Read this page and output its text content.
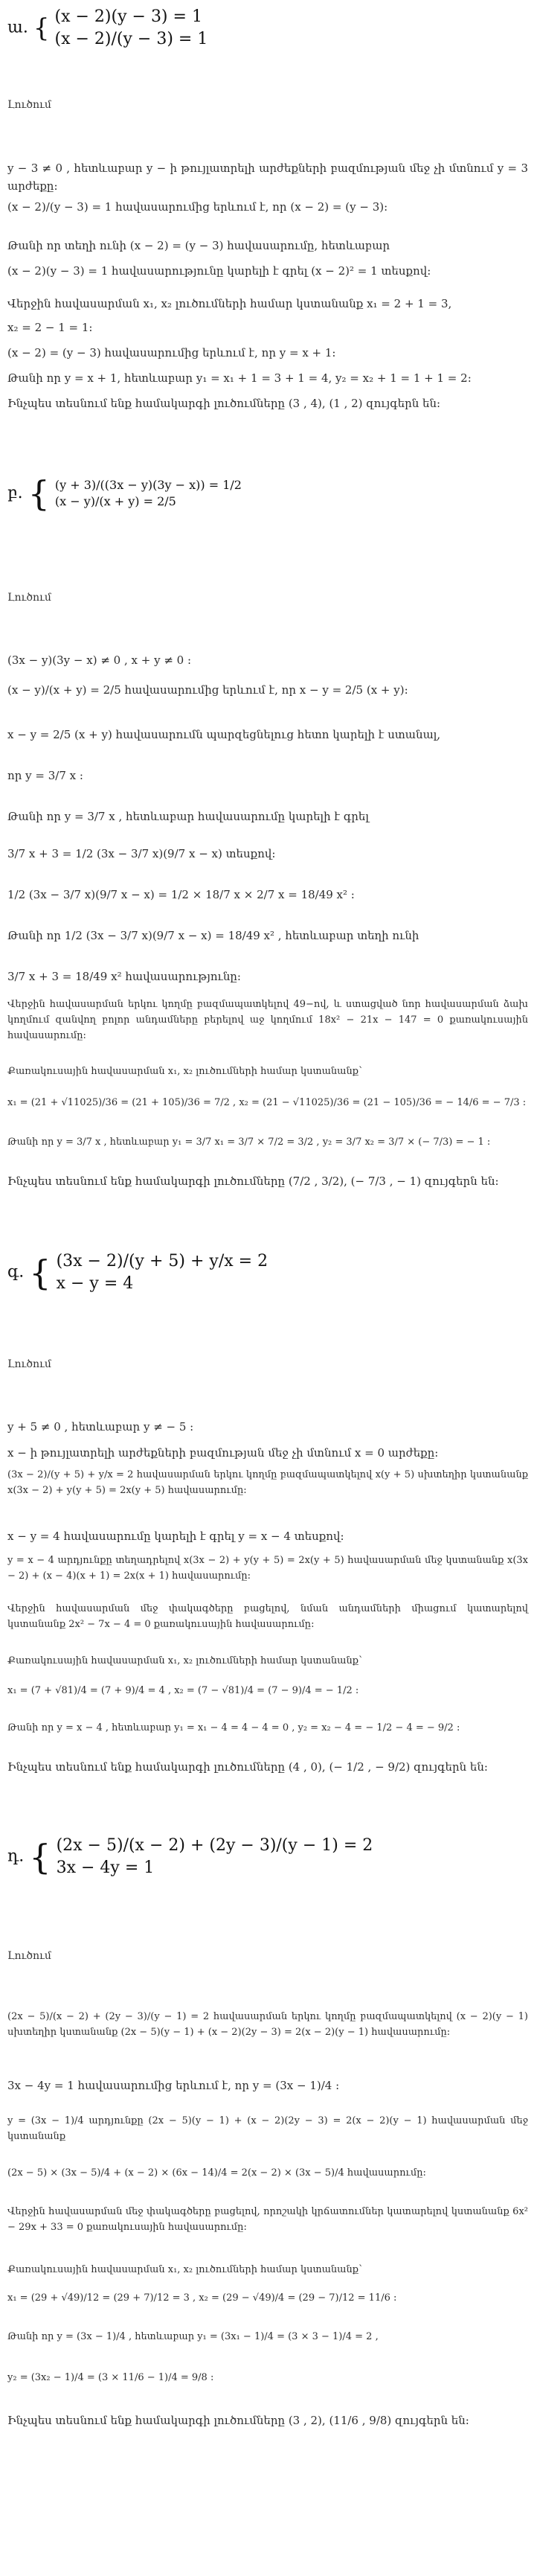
ա. { (x − 2)(y − 3) = 1
(x − 2)/(y − 3) = 1
Լուծում
y − 3 ≠ 0 , հետևաբար y − ի թույլատրելի արժեքների բազմության մեջ չի մտնում y = 3 արժեքը:
(x − 2)/(y − 3) = 1 հավասարումից երևում է, որ (x − 2) = (y − 3):
Թանի որ տեղի ունի (x − 2) = (y − 3) հավասարումը, հետևաբար
(x − 2)(y − 3) = 1 հավասարությունը կարելի է գրել (x − 2)² = 1 տեսքով:
Վերջին հավասարման x₁, x₂ լուծումների համար կստանանք x₁ = 2 + 1 = 3,
x₂ = 2 − 1 = 1:
(x − 2) = (y − 3) հավասարումից երևում է, որ y = x + 1:
Թանի որ y = x + 1, հետևաբար y₁ = x₁ + 1 = 3 + 1 = 4, y₂ = x₂ + 1 = 1 + 1 = 2:
Ինչպես տեսնում ենք համակարգի լուծումները (3 , 4), (1 , 2) զույգերն են:
բ. { (y + 3)/((3x − y)(3y − x)) = 1/2
(x − y)/(x + y) = 2/5
Լուծում
(3x − y)(3y − x) ≠ 0 , x + y ≠ 0 :
(x − y)/(x + y) = 2/5 հավասարումից երևում է, որ x − y = 2/5 (x + y):
x − y = 2/5 (x + y) հավասարումն պարզեցնելուց հետո կարելի է ստանալ,
որ y = 3/7 x :
Թանի որ y = 3/7 x , հետևաբար հավասարումը կարելի է գրել
3/7 x + 3 = 1/2 (3x − 3/7 x)(9/7 x − x) տեսքով:
1/2 (3x − 3/7 x)(9/7 x − x) = 1/2 × 18/7 x × 2/7 x = 18/49 x² :
Թանի որ 1/2 (3x − 3/7 x)(9/7 x − x) = 18/49 x² , հետևաբար տեղի ունի
3/7 x + 3 = 18/49 x² հավասարությունը:
Վերջին հավասարման երկու կողմը բազմապատկելով 49−ով, և ստացված նոր հավասարման ձախ կողմում զանվող բոլոր անդամները բերելով աջ կողմում 18x² − 21x − 147 = 0 քառակուսային հավասարումը:
Քառակուսային հավասարման x₁, x₂ լուծումների համար կստանանք`
x₁ = (21 + √11025)/36 = (21 + 105)/36 = 7/2 , x₂ = (21 − √11025)/36 = (21 − 105)/36 = − 14/6 = − 7/3 :
Թանի որ y = 3/7 x , հետևաբար y₁ = 3/7 x₁ = 3/7 × 7/2 = 3/2 , y₂ = 3/7 x₂ = 3/7 × (− 7/3) = − 1 :
Ինչպես տեսնում ենք համակարգի լուծումները (7/2 , 3/2), (− 7/3 , − 1) զույգերն են:
գ. { (3x − 2)/(y + 5) + y/x = 2
x − y = 4
Լուծում
y + 5 ≠ 0 , հետևաբար y ≠ − 5 :
x − ի թույլատրելի արժեքների բազմության մեջ չի մտնում x = 0 արժեքը:
(3x − 2)/(y + 5) + y/x = 2 հավասարման երկու կողմը բազմապատկելով x(y + 5) սխտեղիր կստանանք x(3x − 2) + y(y + 5) = 2x(y + 5) հավասարումը:
x − y = 4 հավասարումը կարելի է գրել y = x − 4 տեսքով:
y = x − 4 արդյունքը տեղադրելով x(3x − 2) + y(y + 5) = 2x(y + 5) հավասարման մեջ կստանանք x(3x − 2) + (x − 4)(x + 1) = 2x(x + 1) հավասարումը:
Վերջին հավասարման մեջ փակագծերը բացելով, նման անդամների միացում կատարելով կստանանք 2x² − 7x − 4 = 0 քառակուսային հավասարումը:
Քառակուսային հավասարման x₁, x₂ լուծումների համար կստանանք`
x₁ = (7 + √81)/4 = (7 + 9)/4 = 4 , x₂ = (7 − √81)/4 = (7 − 9)/4 = − 1/2 :
Թանի որ y = x − 4 , հետևաբար y₁ = x₁ − 4 = 4 − 4 = 0 , y₂ = x₂ − 4 = − 1/2 − 4 = − 9/2 :
Ինչպես տեսնում ենք համակարգի լուծումները (4 , 0), (− 1/2 , − 9/2) զույգերն են:
դ. { (2x − 5)/(x − 2) + (2y − 3)/(y − 1) = 2
3x − 4y = 1
Լուծում
(2x − 5)/(x − 2) + (2y − 3)/(y − 1) = 2 հավասարման երկու կողմը բազմապատկելով (x − 2)(y − 1) սխտեղիր կստանանք (2x − 5)(y − 1) + (x − 2)(2y − 3) = 2(x − 2)(y − 1) հավասարումը:
3x − 4y = 1 հավասարումից երևում է, որ y = (3x − 1)/4 :
y = (3x − 1)/4 արդյունքը (2x − 5)(y − 1) + (x − 2)(2y − 3) = 2(x − 2)(y − 1) հավասարման մեջ կստանանք
(2x − 5) × (3x − 5)/4 + (x − 2) × (6x − 14)/4 = 2(x − 2) × (3x − 5)/4 հավասարումը:
Վերջին հավասարման մեջ փակագծերը բացելով, որոշակի կրճատումներ կատարելով կստանանք 6x² − 29x + 33 = 0 քառակուսային հավասարումը:
Քառակուսային հավասարման x₁, x₂ լուծումների համար կստանանք`
x₁ = (29 + √49)/12 = (29 + 7)/12 = 3 , x₂ = (29 − √49)/4 = (29 − 7)/12 = 11/6 :
Թանի որ y = (3x − 1)/4 , հետևաբար y₁ = (3x₁ − 1)/4 = (3 × 3 − 1)/4 = 2 ,
y₂ = (3x₂ − 1)/4 = (3 × 11/6 − 1)/4 = 9/8 :
Ինչպես տեսնում ենք համակարգի լուծումները (3 , 2), (11/6 , 9/8) զույգերն են:
